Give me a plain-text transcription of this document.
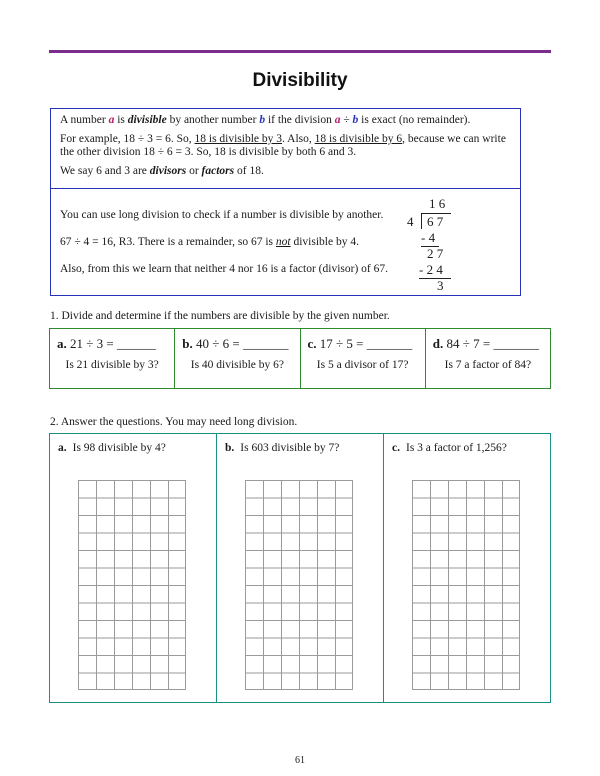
Divisibility

A number a is divisible by another number b if the division a ÷ b is exact (no remainder).

For example, 18 ÷ 3 = 6. So, 18 is divisible by 3. Also, 18 is divisible by 6, because we can write the other division 18 ÷ 6 = 3. So, 18 is divisible by both 6 and 3.

We say 6 and 3 are divisors or factors of 18.

You can use long division to check if a number is divisible by another.

67 ÷ 4 = 16, R3. There is a remainder, so 67 is not divisible by 4.

Also, from this we learn that neither 4 nor 16 is a factor (divisor) of 67.

1 6
4 6 7
- 4
2 7
- 2 4
3
1. Divide and determine if the numbers are divisible by the given number.
a. 21 ÷ 3 = ______
Is 21 divisible by 3?
b. 40 ÷ 6 = _______
Is 40 divisible by 6?
c. 17 ÷ 5 = _______
Is 5 a divisor of 17?
d. 84 ÷ 7 = _______
Is 7 a factor of 84?
2. Answer the questions. You may need long division.
a. Is 98 divisible by 4?	b. Is 603 divisible by 7?	c. Is 3 a factor of 1,256?
61
